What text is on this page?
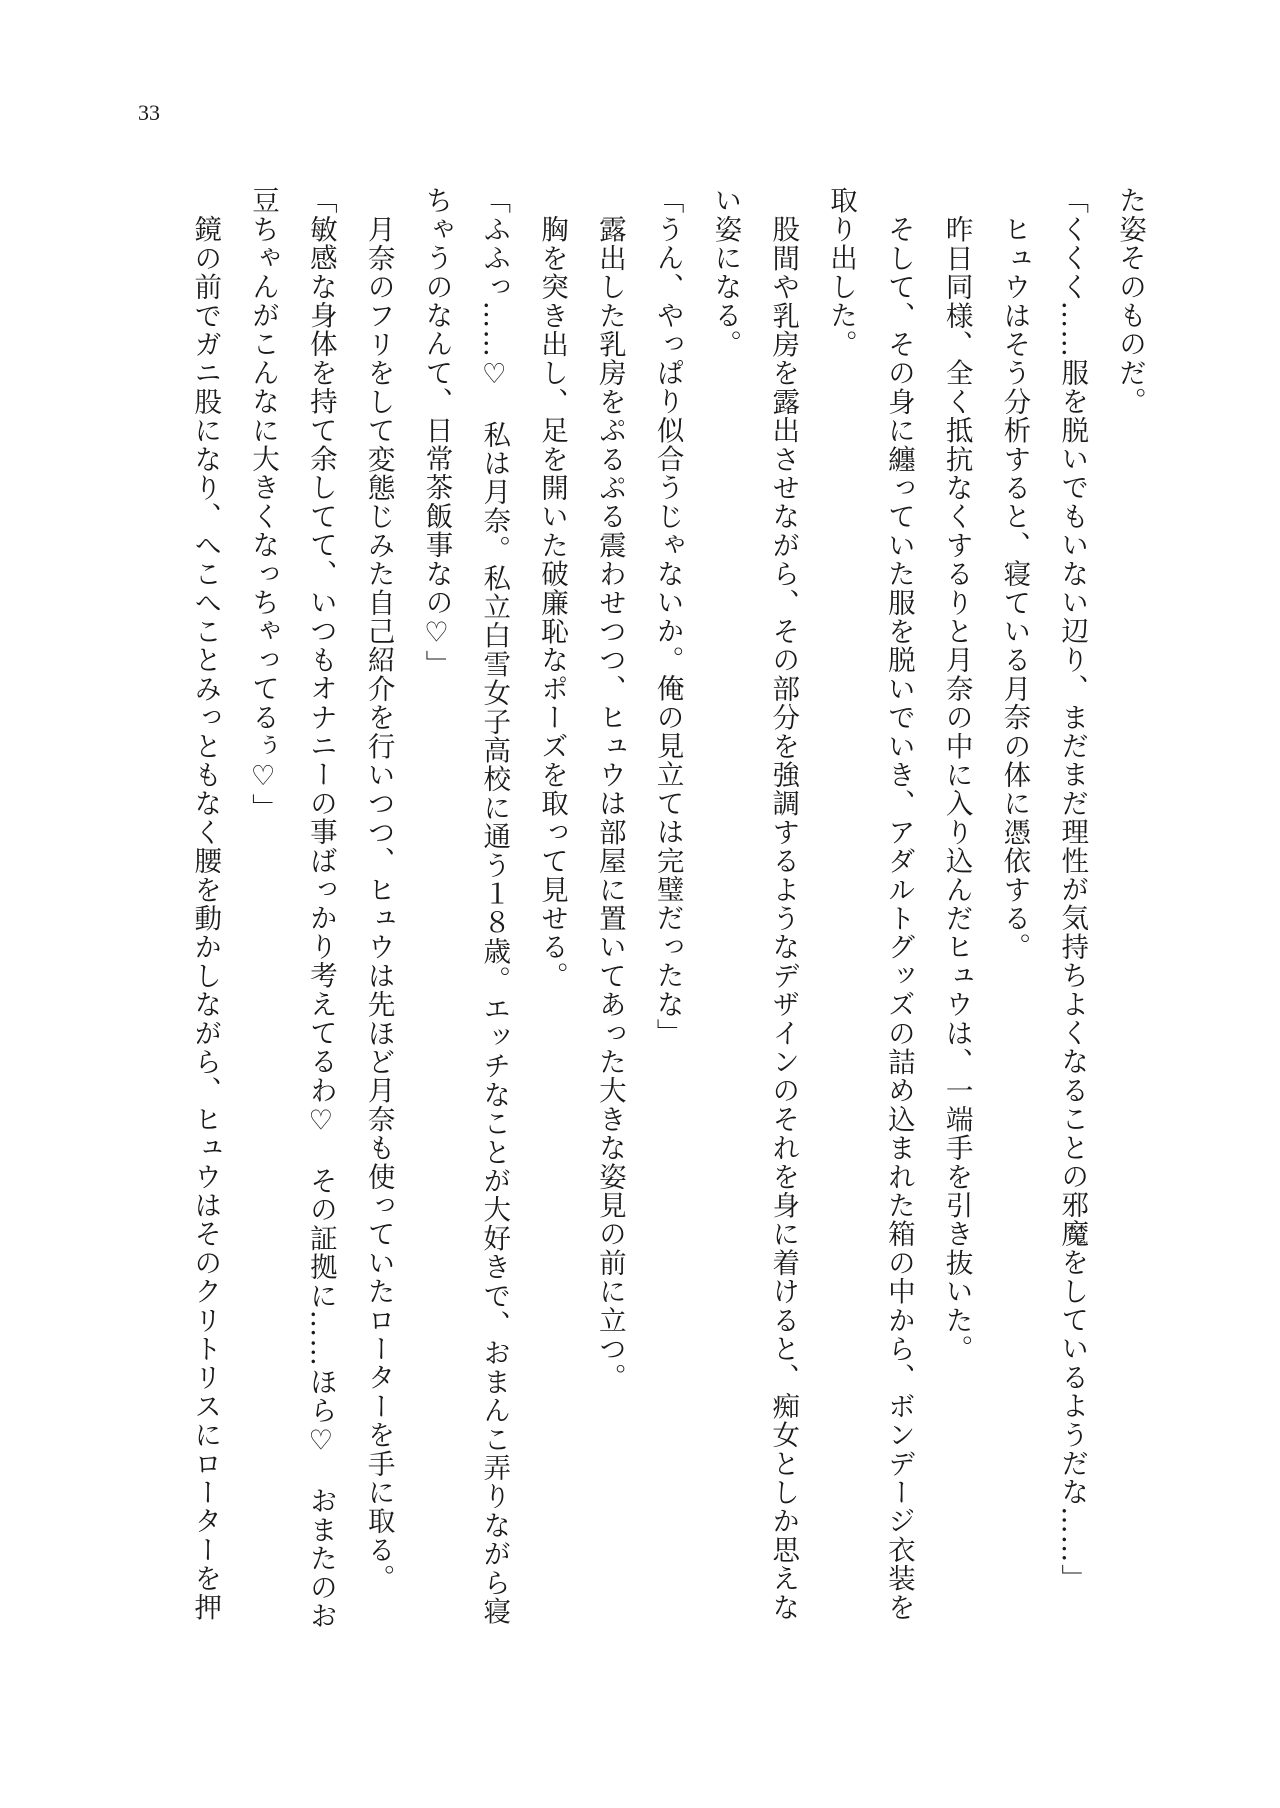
33
た姿そのものだ。
「くくく……服を脱いでもいない辺り、まだまだ理性が気持ちよくなることの邪魔をしているようだな……」
ヒュウはそう分析すると、寝ている月奈の体に憑依する。
昨日同様、全く抵抗なくするりと月奈の中に入り込んだヒュウは、一端手を引き抜いた。
そして、その身に纏っていた服を脱いでいき、アダルトグッズの詰め込まれた箱の中から、ボンデージ衣装を
取り出した。
股間や乳房を露出させながら、その部分を強調するようなデザインのそれを身に着けると、痴女としか思えな
い姿になる。
「うん、やっぱり似合うじゃないか。俺の見立ては完璧だったな」
露出した乳房をぷるぷる震わせつつ、ヒュウは部屋に置いてあった大きな姿見の前に立つ。
胸を突き出し、足を開いた破廉恥なポーズを取って見せる。
「ふふっ……♡　私は月奈。私立白雪女子高校に通う１８歳。エッチなことが大好きで、おまんこ弄りながら寝
ちゃうのなんて、日常茶飯事なの♡」
月奈のフリをして変態じみた自己紹介を行いつつ、ヒュウは先ほど月奈も使っていたローターを手に取る。
「敏感な身体を持て余してて、いつもオナニーの事ばっかり考えてるわ♡　その証拠に……ほら♡　おまたのお
豆ちゃんがこんなに大きくなっちゃってるぅ♡」
鏡の前でガニ股になり、へこへことみっともなく腰を動かしながら、ヒュウはそのクリトリスにローターを押
